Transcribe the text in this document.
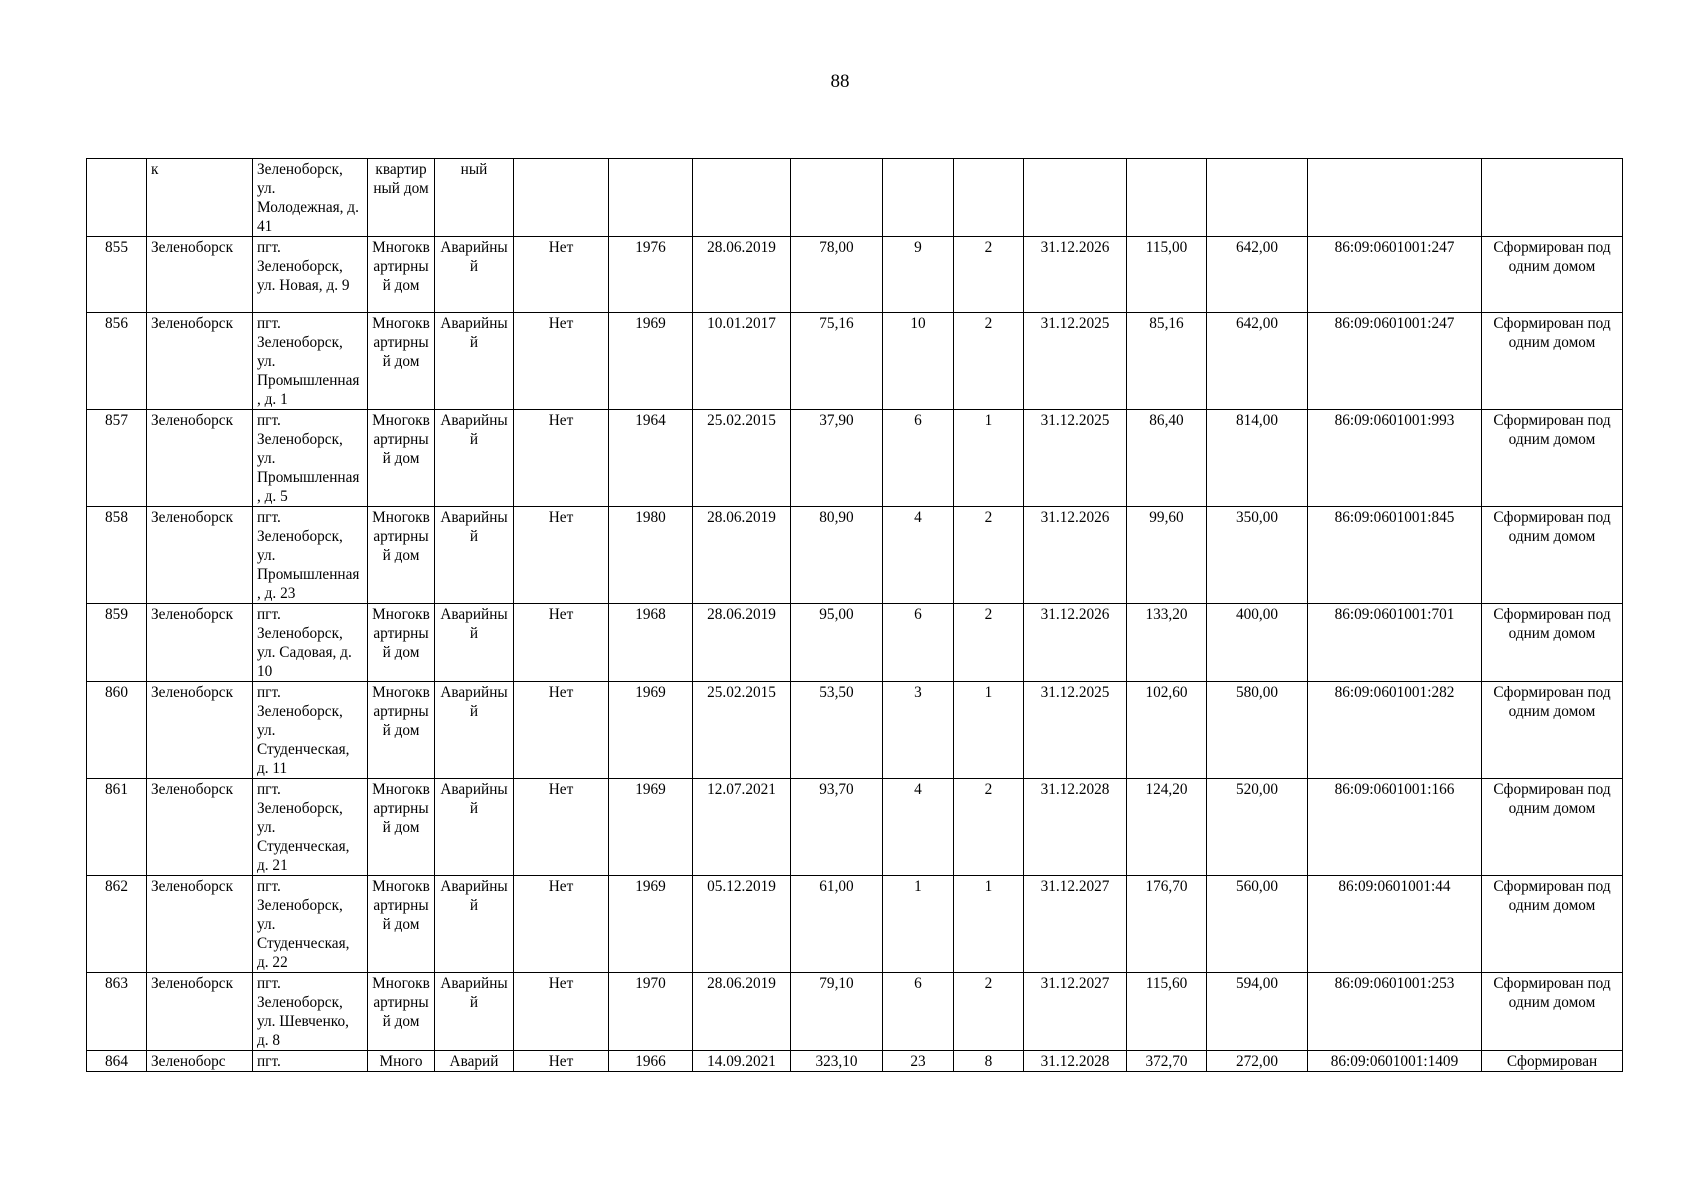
88
	к	Зеленоборск, ул. Молодежная, д. 41	квартирный дом	ный											
855	Зеленоборск	пгт. Зеленоборск, ул. Новая, д. 9	Многоквартирный дом	Аварийный	Нет	1976	28.06.2019	78,00	9	2	31.12.2026	115,00	642,00	86:09:0601001:247	Сформирован под одним домом
856	Зеленоборск	пгт. Зеленоборск, ул. Промышленная, д. 1	Многоквартирный дом	Аварийный	Нет	1969	10.01.2017	75,16	10	2	31.12.2025	85,16	642,00	86:09:0601001:247	Сформирован под одним домом
857	Зеленоборск	пгт. Зеленоборск, ул. Промышленная, д. 5	Многоквартирный дом	Аварийный	Нет	1964	25.02.2015	37,90	6	1	31.12.2025	86,40	814,00	86:09:0601001:993	Сформирован под одним домом
858	Зеленоборск	пгт. Зеленоборск, ул. Промышленная, д. 23	Многоквартирный дом	Аварийный	Нет	1980	28.06.2019	80,90	4	2	31.12.2026	99,60	350,00	86:09:0601001:845	Сформирован под одним домом
859	Зеленоборск	пгт. Зеленоборск, ул. Садовая, д. 10	Многоквартирный дом	Аварийный	Нет	1968	28.06.2019	95,00	6	2	31.12.2026	133,20	400,00	86:09:0601001:701	Сформирован под одним домом
860	Зеленоборск	пгт. Зеленоборск, ул. Студенческая, д. 11	Многоквартирный дом	Аварийный	Нет	1969	25.02.2015	53,50	3	1	31.12.2025	102,60	580,00	86:09:0601001:282	Сформирован под одним домом
861	Зеленоборск	пгт. Зеленоборск, ул. Студенческая, д. 21	Многоквартирный дом	Аварийный	Нет	1969	12.07.2021	93,70	4	2	31.12.2028	124,20	520,00	86:09:0601001:166	Сформирован под одним домом
862	Зеленоборск	пгт. Зеленоборск, ул. Студенческая, д. 22	Многоквартирный дом	Аварийный	Нет	1969	05.12.2019	61,00	1	1	31.12.2027	176,70	560,00	86:09:0601001:44	Сформирован под одним домом
863	Зеленоборск	пгт. Зеленоборск, ул. Шевченко, д. 8	Многоквартирный дом	Аварийный	Нет	1970	28.06.2019	79,10	6	2	31.12.2027	115,60	594,00	86:09:0601001:253	Сформирован под одним домом
864	Зеленоборс	пгт.	Много	Аварий	Нет	1966	14.09.2021	323,10	23	8	31.12.2028	372,70	272,00	86:09:0601001:1409	Сформирован
